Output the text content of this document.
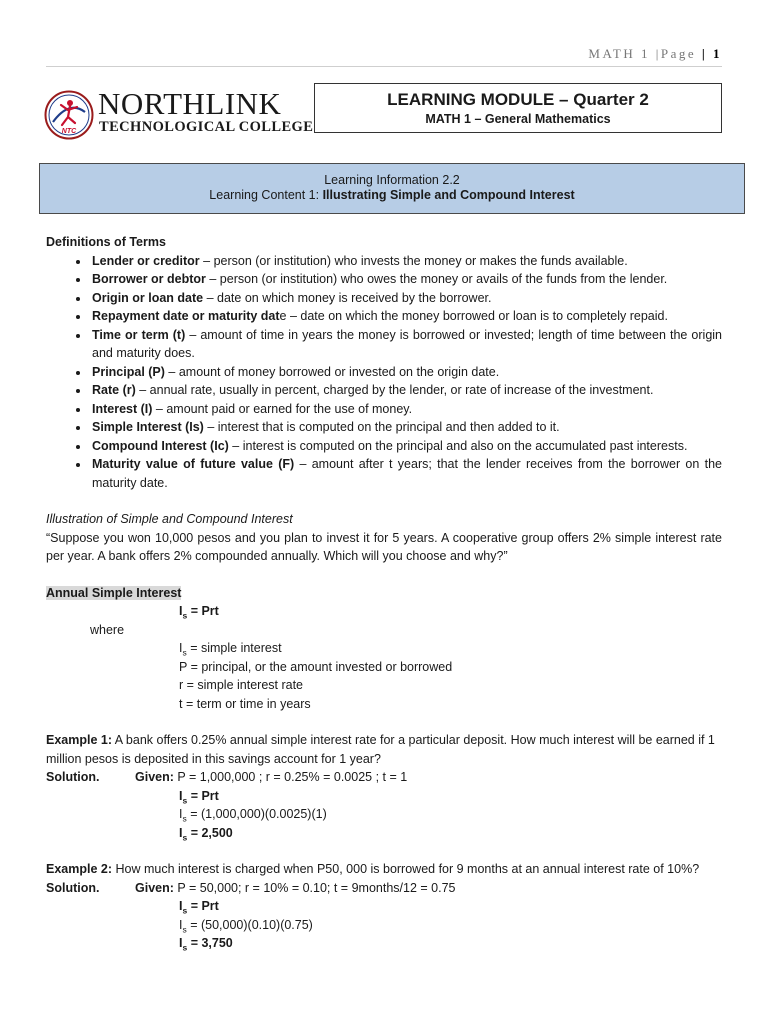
MATH 1 |Page | 1
NTC
NORTHLINK
TECHNOLOGICAL COLLEGE
LEARNING MODULE – Quarter 2
MATH 1 – General Mathematics
Learning Information 2.2
Learning Content 1: Illustrating Simple and Compound Interest
Definitions of Terms
• Lender or creditor – person (or institution) who invests the money or makes the funds available.
• Borrower or debtor – person (or institution) who owes the money or avails of the funds from the lender.
• Origin or loan date – date on which money is received by the borrower.
• Repayment date or maturity date – date on which the money borrowed or loan is to completely repaid.
• Time or term (t) – amount of time in years the money is borrowed or invested; length of time between the origin and maturity does.
• Principal (P) – amount of money borrowed or invested on the origin date.
• Rate (r) – annual rate, usually in percent, charged by the lender, or rate of increase of the investment.
• Interest (I) – amount paid or earned for the use of money.
• Simple Interest (Is) – interest that is computed on the principal and then added to it.
• Compound Interest (Ic) – interest is computed on the principal and also on the accumulated past interests.
• Maturity value of future value (F) – amount after t years; that the lender receives from the borrower on the maturity date.
Illustration of Simple and Compound Interest
“Suppose you won 10,000 pesos and you plan to invest it for 5 years. A cooperative group offers 2% simple interest rate per year. A bank offers 2% compounded annually. Which will you choose and why?”
Annual Simple Interest
$I_s$ = Prt
where
$I_s$ = simple interest
P = principal, or the amount invested or borrowed
r = simple interest rate
t = term or time in years
Example 1: A bank offers 0.25% annual simple interest rate for a particular deposit. How much interest will be earned if 1 million pesos is deposited in this savings account for 1 year?
Solution.	Given: P = 1,000,000 ; r = 0.25% = 0.0025 ; t = 1
$I_s$ = Prt
$I_s = (1,000,000)(0.0025)(1)$
$I_s = 2,500$
Example 2: How much interest is charged when P50, 000 is borrowed for 9 months at an annual interest rate of 10%?
Solution.	Given: P = 50,000; r = 10% = 0.10; t = 9months/12 = 0.75
$I_s$ = Prt
$I_s = (50,000)(0.10)(0.75)$
$I_s = 3,750$
